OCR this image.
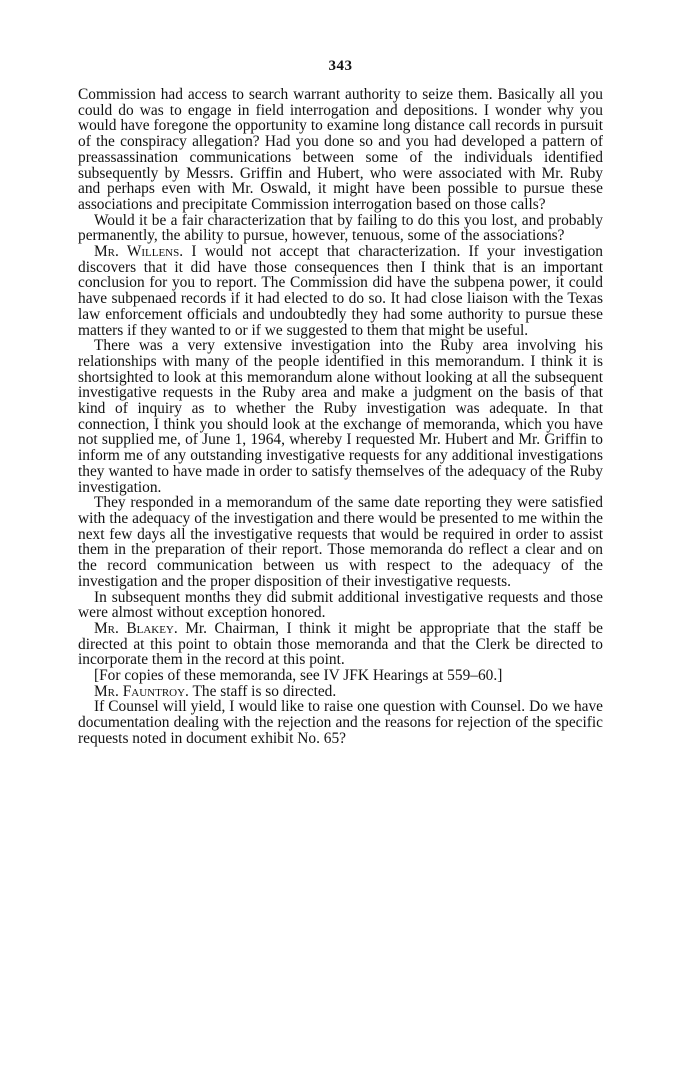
343

Commission had access to search warrant authority to seize them. Basically all you could do was to engage in field interrogation and depositions. I wonder why you would have foregone the opportunity to examine long distance call records in pursuit of the conspiracy allegation? Had you done so and you had developed a pattern of preassassination communications between some of the individuals identified subsequently by Messrs. Griffin and Hubert, who were associated with Mr. Ruby and perhaps even with Mr. Oswald, it might have been possible to pursue these associations and precipitate Commission interrogation based on those calls?

Would it be a fair characterization that by failing to do this you lost, and probably permanently, the ability to pursue, however, tenuous, some of the associations?

Mr. Willens. I would not accept that characterization. If your investigation discovers that it did have those consequences then I think that is an important conclusion for you to report. The Commission did have the subpena power, it could have subpenaed records if it had elected to do so. It had close liaison with the Texas law enforcement officials and undoubtedly they had some authority to pursue these matters if they wanted to or if we suggested to them that might be useful.

There was a very extensive investigation into the Ruby area involving his relationships with many of the people identified in this memorandum. I think it is shortsighted to look at this memorandum alone without looking at all the subsequent investigative requests in the Ruby area and make a judgment on the basis of that kind of inquiry as to whether the Ruby investigation was adequate. In that connection, I think you should look at the exchange of memoranda, which you have not supplied me, of June 1, 1964, whereby I requested Mr. Hubert and Mr. Griffin to inform me of any outstanding investigative requests for any additional investigations they wanted to have made in order to satisfy themselves of the adequacy of the Ruby investigation.

They responded in a memorandum of the same date reporting they were satisfied with the adequacy of the investigation and there would be presented to me within the next few days all the investigative requests that would be required in order to assist them in the preparation of their report. Those memoranda do reflect a clear and on the record communication between us with respect to the adequacy of the investigation and the proper disposition of their investigative requests.

In subsequent months they did submit additional investigative requests and those were almost without exception honored.

Mr. Blakey. Mr. Chairman, I think it might be appropriate that the staff be directed at this point to obtain those memoranda and that the Clerk be directed to incorporate them in the record at this point.

[For copies of these memoranda, see IV JFK Hearings at 559–60.]

Mr. Fauntroy. The staff is so directed.

If Counsel will yield, I would like to raise one question with Counsel. Do we have documentation dealing with the rejection and the reasons for rejection of the specific requests noted in document exhibit No. 65?
